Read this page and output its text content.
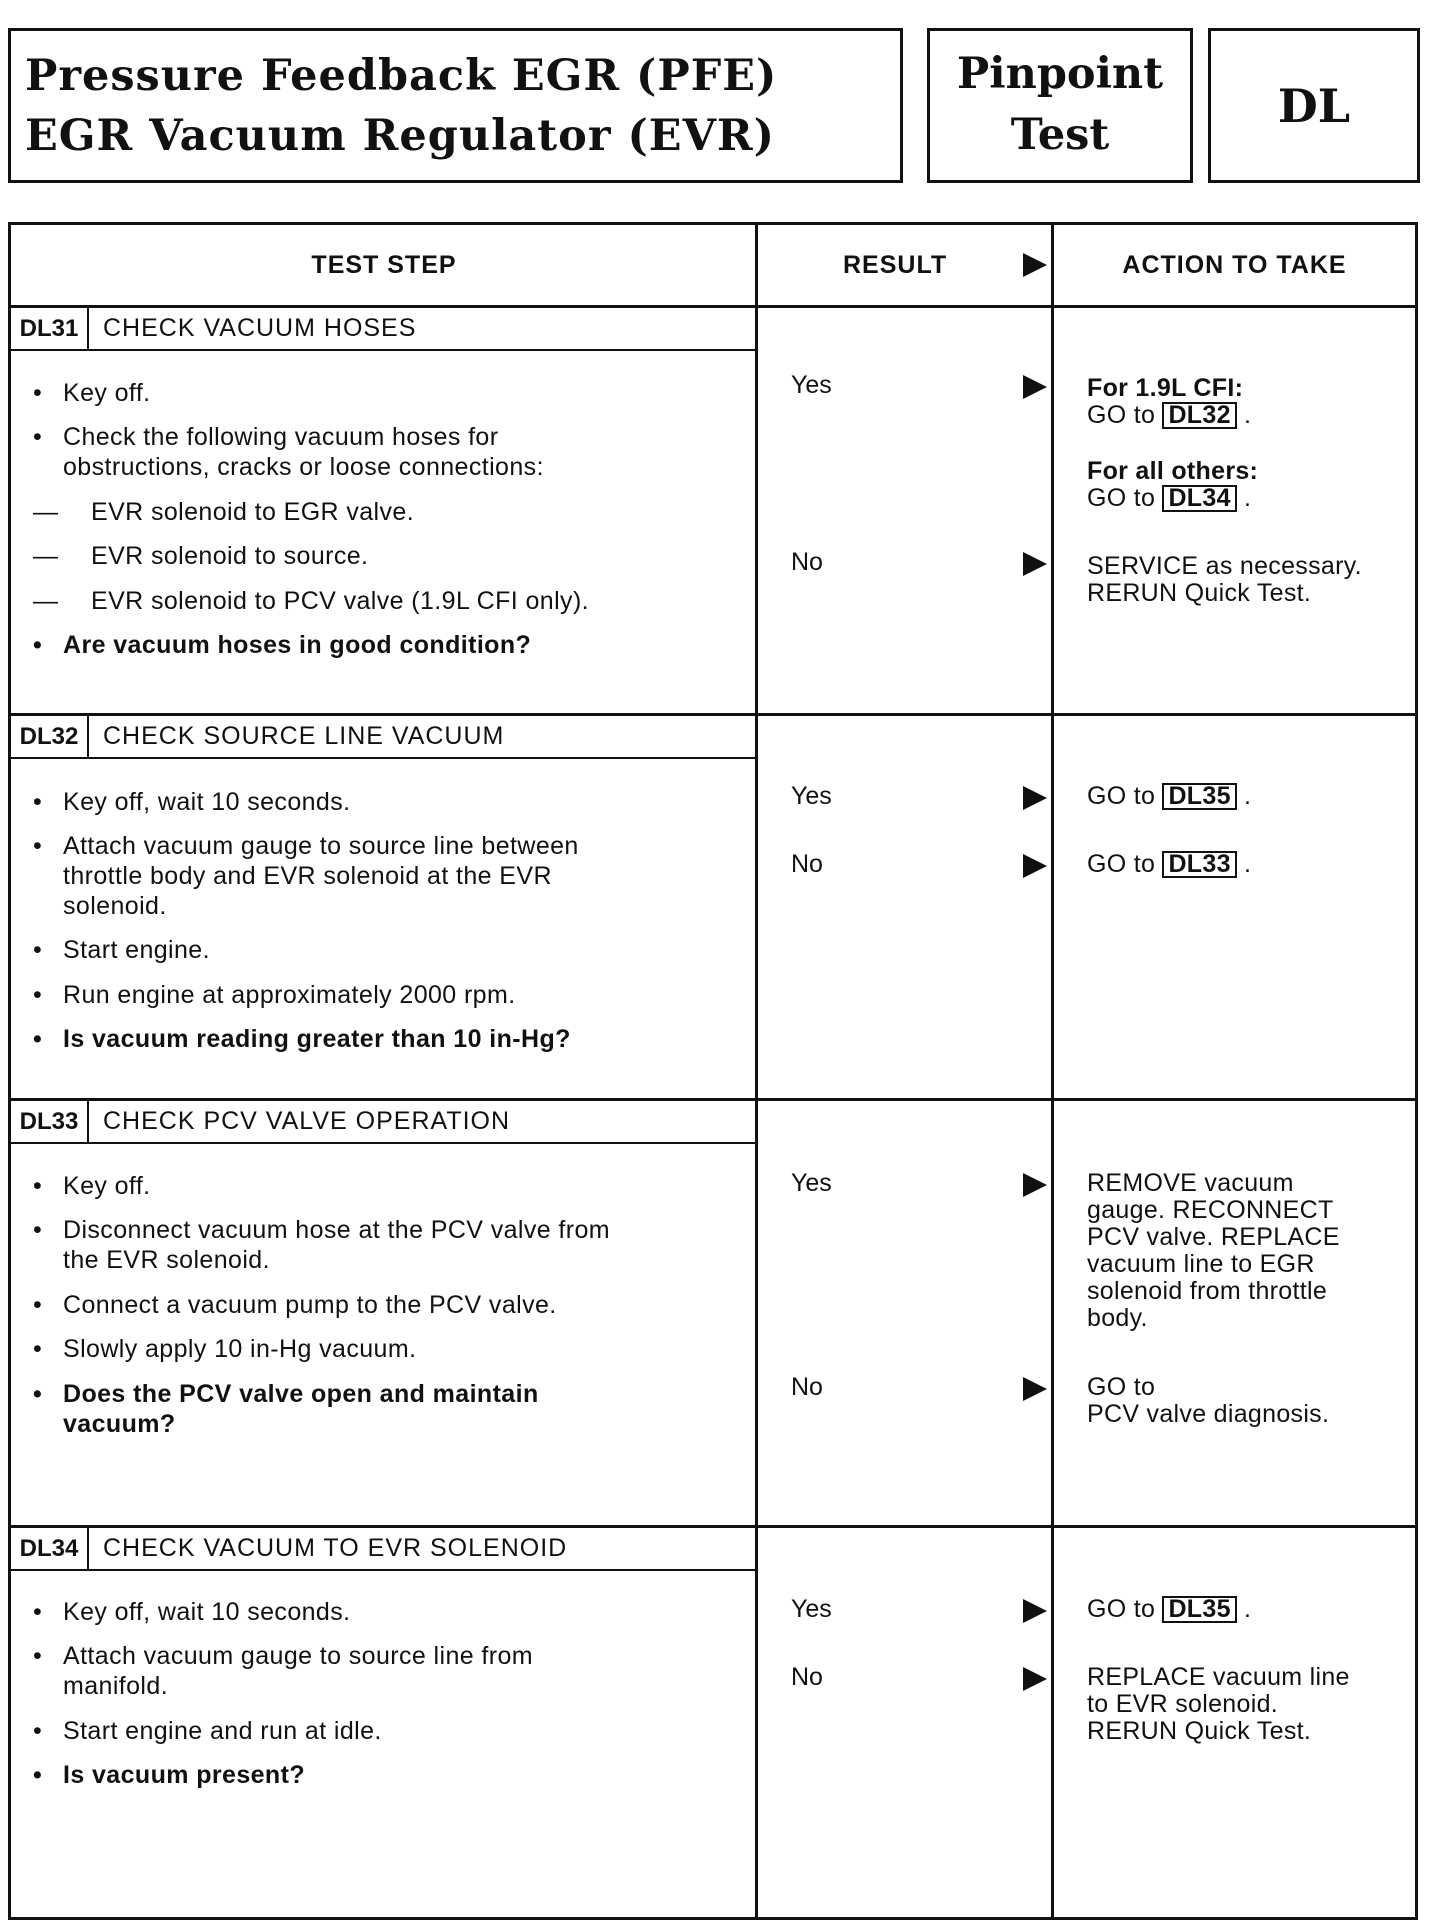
Pressure Feedback EGR (PFE)
EGR Vacuum Regulator (EVR)
Pinpoint
Test
DL
TEST STEP	RESULT	ACTION TO TAKE
DL31 CHECK VACUUM HOSES
• Key off.
• Check the following vacuum hoses for
obstructions, cracks or loose connections:
— EVR solenoid to EGR valve.
— EVR solenoid to source.
— EVR solenoid to PCV valve (1.9L CFI only).
• Are vacuum hoses in good condition?
Yes
No
For 1.9L CFI:
GO to DL32 .
For all others:
GO to DL34 .
SERVICE as necessary.
RERUN Quick Test.
DL32 CHECK SOURCE LINE VACUUM
• Key off, wait 10 seconds.
• Attach vacuum gauge to source line between
throttle body and EVR solenoid at the EVR
solenoid.
• Start engine.
• Run engine at approximately 2000 rpm.
• Is vacuum reading greater than 10 in-Hg?
Yes
No
GO to DL35 .
GO to DL33 .
DL33 CHECK PCV VALVE OPERATION
• Key off.
• Disconnect vacuum hose at the PCV valve from
the EVR solenoid.
• Connect a vacuum pump to the PCV valve.
• Slowly apply 10 in-Hg vacuum.
• Does the PCV valve open and maintain
vacuum?
Yes
No
REMOVE vacuum
gauge. RECONNECT
PCV valve. REPLACE
vacuum line to EGR
solenoid from throttle
body.
GO to
PCV valve diagnosis.
DL34 CHECK VACUUM TO EVR SOLENOID
• Key off, wait 10 seconds.
• Attach vacuum gauge to source line from
manifold.
• Start engine and run at idle.
• Is vacuum present?
Yes
No
GO to DL35 .
REPLACE vacuum line
to EVR solenoid.
RERUN Quick Test.
